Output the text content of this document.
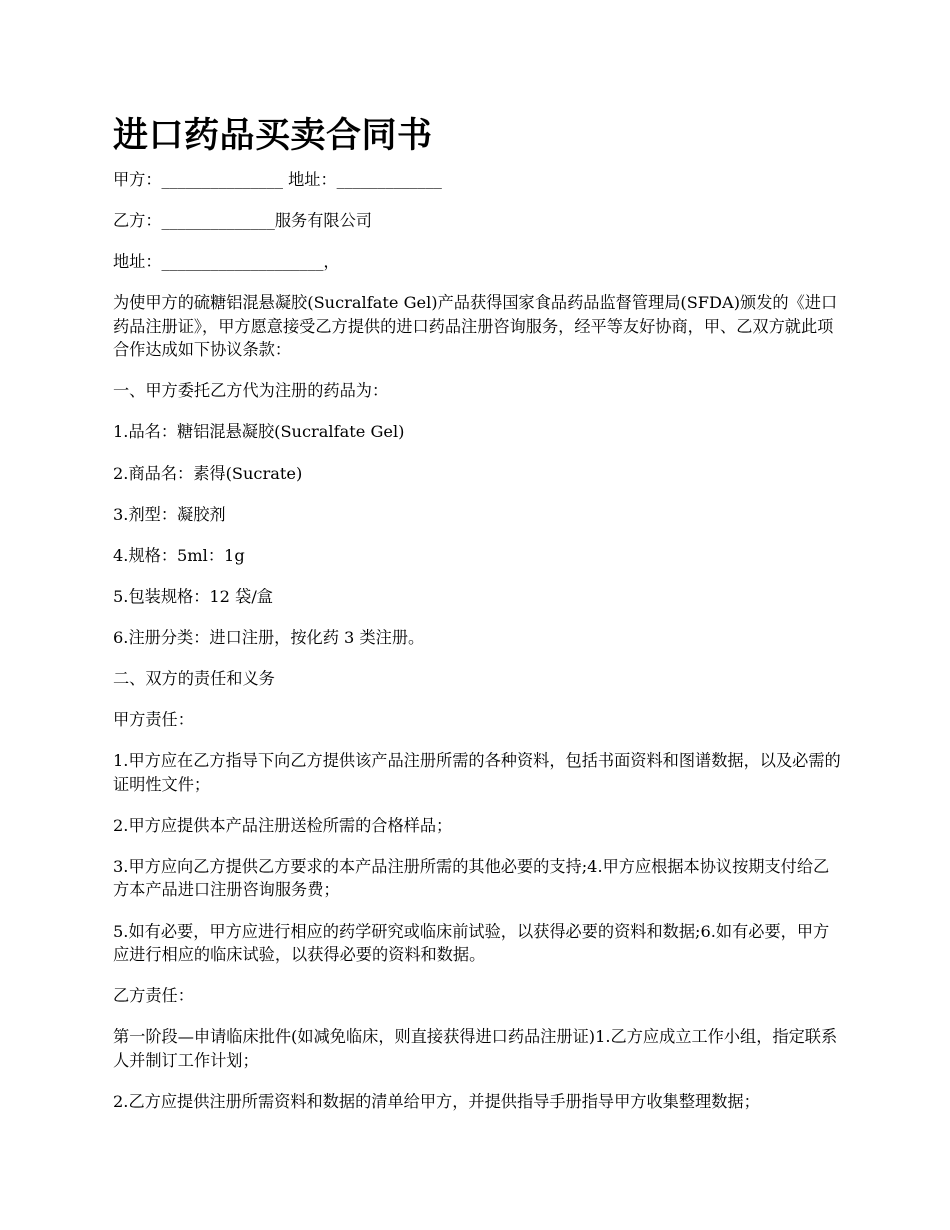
进口药品买卖合同书

甲方：_______________ 地址：_____________

乙方：______________服务有限公司

地址：____________________，

为使甲方的硫糖铝混悬凝胶(Sucralfate Gel)产品获得国家食品药品监督管理局(SFDA)颁发的《进口药品注册证》，甲方愿意接受乙方提供的进口药品注册咨询服务，经平等友好协商，甲、乙双方就此项合作达成如下协议条款：

一、甲方委托乙方代为注册的药品为：

1.品名：糖铝混悬凝胶(Sucralfate Gel)

2.商品名：素得(Sucrate)

3.剂型：凝胶剂

4.规格：5ml：1g

5.包装规格：12 袋/盒

6.注册分类：进口注册，按化药 3 类注册。

二、双方的责任和义务

甲方责任：

1.甲方应在乙方指导下向乙方提供该产品注册所需的各种资料，包括书面资料和图谱数据，以及必需的证明性文件；

2.甲方应提供本产品注册送检所需的合格样品；

3.甲方应向乙方提供乙方要求的本产品注册所需的其他必要的支持;4.甲方应根据本协议按期支付给乙方本产品进口注册咨询服务费；

5.如有必要，甲方应进行相应的药学研究或临床前试验，以获得必要的资料和数据;6.如有必要，甲方应进行相应的临床试验，以获得必要的资料和数据。

乙方责任：

第一阶段—申请临床批件(如减免临床，则直接获得进口药品注册证)1.乙方应成立工作小组，指定联系人并制订工作计划；

2.乙方应提供注册所需资料和数据的清单给甲方，并提供指导手册指导甲方收集整理数据；
